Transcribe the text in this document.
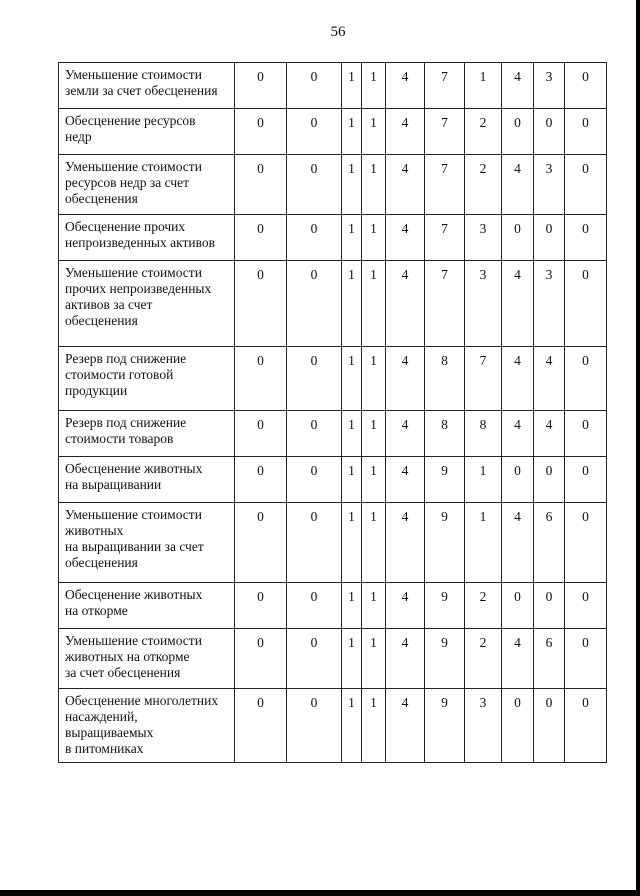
56
Уменьшение стоимости
земли за счет обесценения	0	0	1	1	4	7	1	4	3	0
Обесценение ресурсов
недр	0	0	1	1	4	7	2	0	0	0
Уменьшение стоимости
ресурсов недр за счет
обесценения	0	0	1	1	4	7	2	4	3	0
Обесценение прочих
непроизведенных активов	0	0	1	1	4	7	3	0	0	0
Уменьшение стоимости
прочих непроизведенных
активов за счет
обесценения	0	0	1	1	4	7	3	4	3	0
Резерв под снижение
стоимости готовой
продукции	0	0	1	1	4	8	7	4	4	0
Резерв под снижение
стоимости товаров	0	0	1	1	4	8	8	4	4	0
Обесценение животных
на выращивании	0	0	1	1	4	9	1	0	0	0
Уменьшение стоимости
животных
на выращивании за счет
обесценения	0	0	1	1	4	9	1	4	6	0
Обесценение животных
на откорме	0	0	1	1	4	9	2	0	0	0
Уменьшение стоимости
животных на откорме
за счет обесценения	0	0	1	1	4	9	2	4	6	0
Обесценение многолетних
насаждений,
выращиваемых
в питомниках	0	0	1	1	4	9	3	0	0	0
